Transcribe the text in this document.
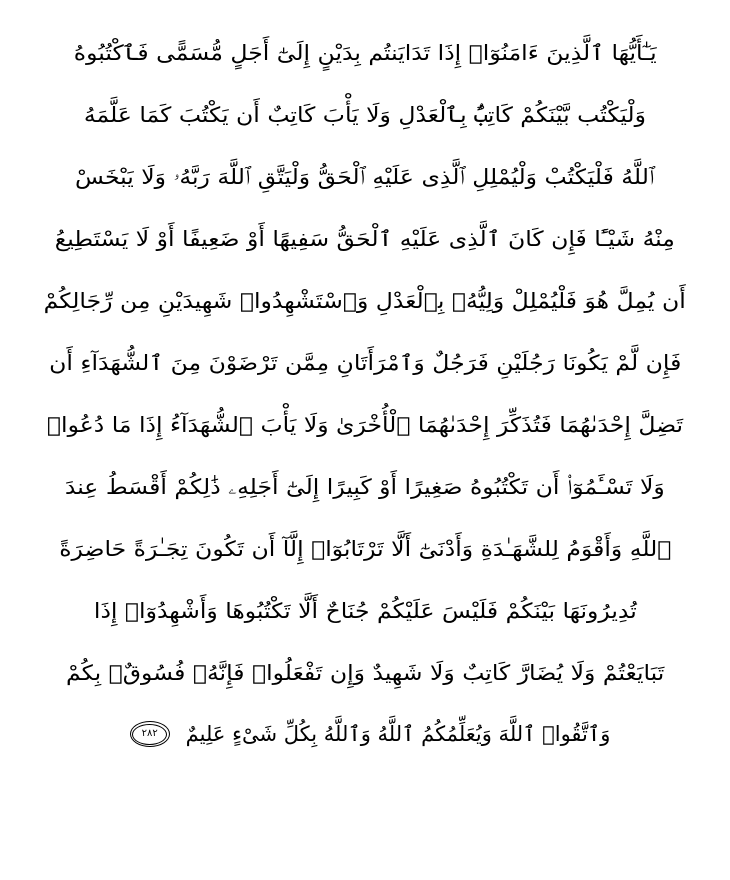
يَـٰٓأَيُّهَا ٱلَّذِينَ ءَامَنُوٓا۟ إِذَا تَدَايَنتُم بِدَيْنٍ إِلَىٰٓ أَجَلٍ مُّسَمًّى فَٱكْتُبُوهُ
وَلْيَكْتُب بَّيْنَكُمْ كَاتِبٌۢ بِٱلْعَدْلِ وَلَا يَأْبَ كَاتِبٌ أَن يَكْتُبَ كَمَا عَلَّمَهُ
ٱللَّهُ فَلْيَكْتُبْ وَلْيُمْلِلِ ٱلَّذِى عَلَيْهِ ٱلْحَقُّ وَلْيَتَّقِ ٱللَّهَ رَبَّهُۥ وَلَا يَبْخَسْ
مِنْهُ شَيْـًٔا فَإِن كَانَ ٱلَّذِى عَلَيْهِ ٱلْحَقُّ سَفِيهًا أَوْ ضَعِيفًا أَوْ لَا يَسْتَطِيعُ
أَن يُمِلَّ هُوَ فَلْيُمْلِلْ وَلِيُّهُۥ بِٱلْعَدْلِ وَٱسْتَشْهِدُوا۟ شَهِيدَيْنِ مِن رِّجَالِكُمْ
فَإِن لَّمْ يَكُونَا رَجُلَيْنِ فَرَجُلٌ وَٱمْرَأَتَانِ مِمَّن تَرْضَوْنَ مِنَ ٱلشُّهَدَآءِ أَن
تَضِلَّ إِحْدَىٰهُمَا فَتُذَكِّرَ إِحْدَىٰهُمَا ٱلْأُخْرَىٰ وَلَا يَأْبَ ٱلشُّهَدَآءُ إِذَا مَا دُعُوا۟
وَلَا تَسْـَٔمُوٓا۟ أَن تَكْتُبُوهُ صَغِيرًا أَوْ كَبِيرًا إِلَىٰٓ أَجَلِهِۦ ذَٰلِكُمْ أَقْسَطُ عِندَ
ٱللَّهِ وَأَقْوَمُ لِلشَّهَـٰدَةِ وَأَدْنَىٰٓ أَلَّا تَرْتَابُوٓا۟ إِلَّآ أَن تَكُونَ تِجَـٰرَةً حَاضِرَةً
تُدِيرُونَهَا بَيْنَكُمْ فَلَيْسَ عَلَيْكُمْ جُنَاحٌ أَلَّا تَكْتُبُوهَا وَأَشْهِدُوٓا۟ إِذَا
تَبَايَعْتُمْ وَلَا يُضَارَّ كَاتِبٌ وَلَا شَهِيدٌ وَإِن تَفْعَلُوا۟ فَإِنَّهُۥ فُسُوقٌۢ بِكُمْ
وَٱتَّقُوا۟ ٱللَّهَ وَيُعَلِّمُكُمُ ٱللَّهُ وَٱللَّهُ بِكُلِّ شَىْءٍ عَلِيمٌ
٢٨٢
